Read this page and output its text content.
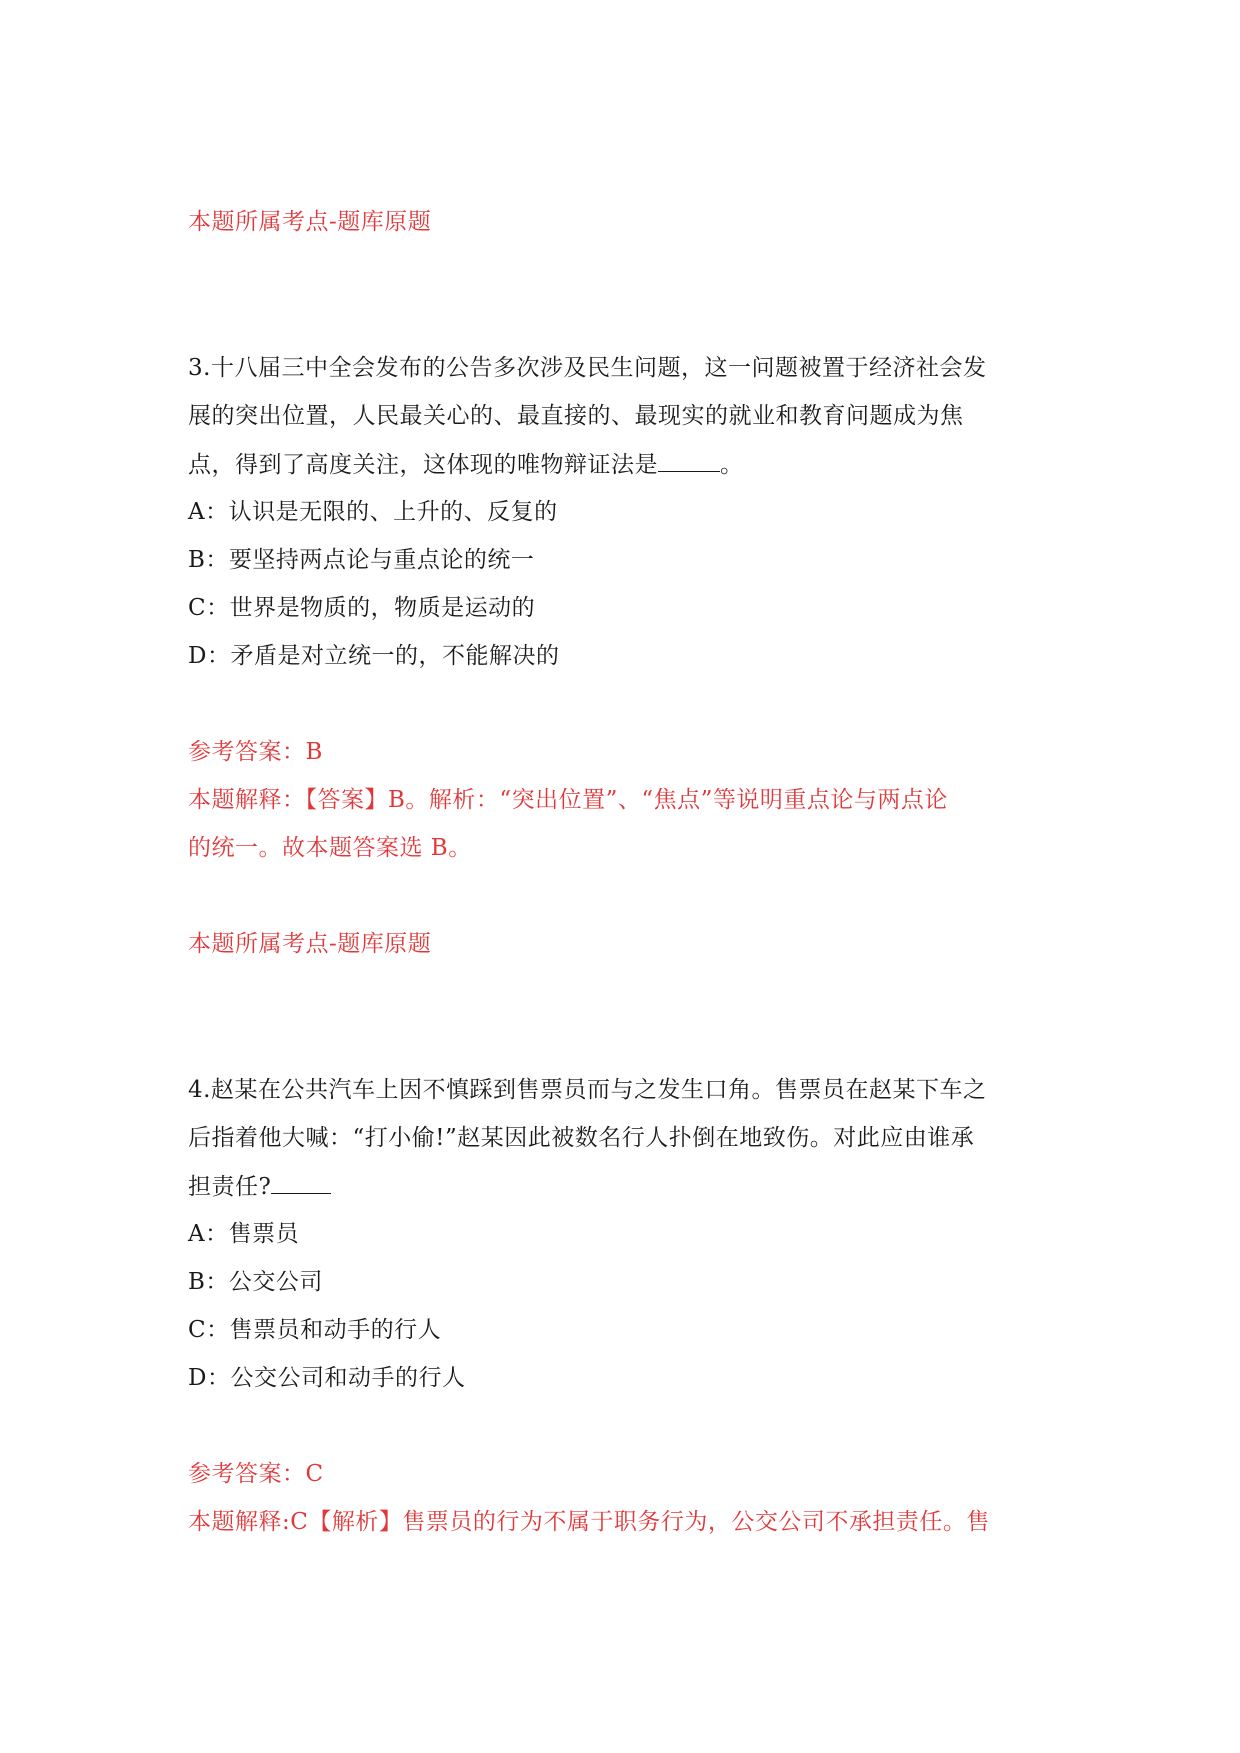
本题所属考点-题库原题
3.十八届三中全会发布的公告多次涉及民生问题，这一问题被置于经济社会发
展的突出位置，人民最关心的、最直接的、最现实的就业和教育问题成为焦
点，得到了高度关注，这体现的唯物辩证法是	。
A：认识是无限的、上升的、反复的
B：要坚持两点论与重点论的统一
C：世界是物质的，物质是运动的
D：矛盾是对立统一的，不能解决的
参考答案：B
本题解释：【答案】B。解析：“突出位置”、“焦点”等说明重点论与两点论
的统一。故本题答案选 B。
本题所属考点-题库原题
4.赵某在公共汽车上因不慎踩到售票员而与之发生口角。售票员在赵某下车之
后指着他大喊：“打小偷!”赵某因此被数名行人扑倒在地致伤。对此应由谁承
担责任?
A：售票员
B：公交公司
C：售票员和动手的行人
D：公交公司和动手的行人
参考答案：C
本题解释:C【解析】售票员的行为不属于职务行为，公交公司不承担责任。售
